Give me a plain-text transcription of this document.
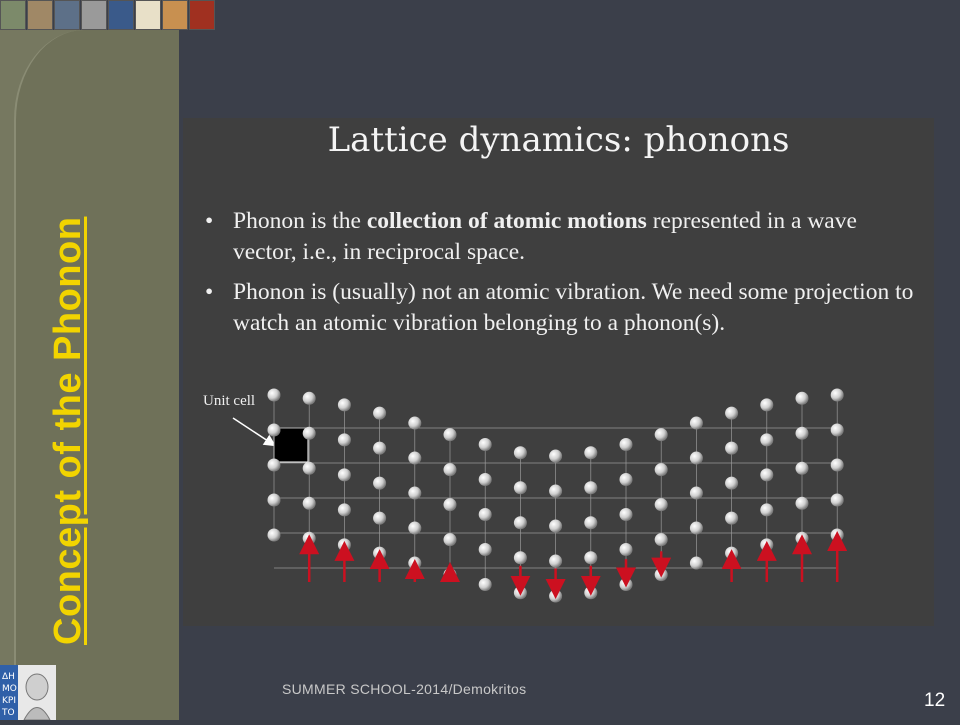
Concept of the Phonon
Lattice dynamics: phonons
• Phonon is the collection of atomic motions represented in a wave vector, i.e., in reciprocal space.
• Phonon is (usually) not an atomic vibration. We need some projection to watch an atomic vibration belonging to a phonon(s).
Unit cell
ΔΗ
ΜΟ
ΚΡΙ
ΤΟ
SUMMER SCHOOL-2014/Demokritos
12
